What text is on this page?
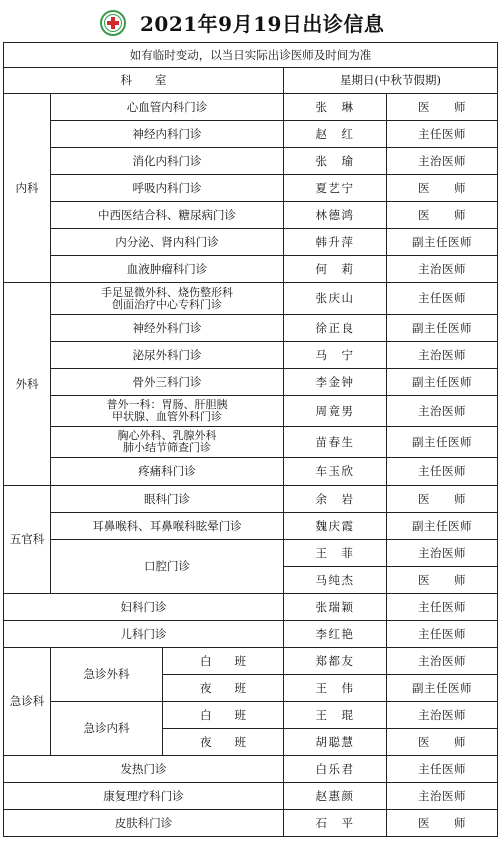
2021年9月19日出诊信息
如有临时变动，以当日实际出诊医师及时间为准				
科　　室			星期日(中秋节假期)	
内科	心血管内科门诊		张　琳	医　　师
	神经内科门诊		赵　红	主任医师
	消化内科门诊		张　瑜	主治医师
	呼吸内科门诊		夏艺宁	医　　师
	中西医结合科、糖尿病门诊		林德鸿	医　　师
	内分泌、肾内科门诊		韩升萍	副主任医师
	血液肿瘤科门诊		何　莉	主治医师
外科	手足显微外科、烧伤整形科
创面治疗中心专科门诊		张庆山	主任医师
	神经外科门诊		徐正良	副主任医师
	泌尿外科门诊		马　宁	主治医师
	骨外三科门诊		李金钟	副主任医师

	普外一科：胃肠、肝胆胰
甲状腺、血管外科门诊		周竟男	主治医师

	胸心外科、乳腺外科
肺小结节筛查门诊		苗春生	副主任医师
	疼痛科门诊		车玉欣	主任医师
五官科	眼科门诊		余　岩	医　　师
	耳鼻喉科、耳鼻喉科眩晕门诊		魏庆霞	副主任医师
	口腔门诊		王　菲	主治医师
			马纯杰	医　　师
妇科门诊			张瑞颖	主任医师
儿科门诊			李红艳	主任医师
急诊科	急诊外科	白　　班	郑都友	主治医师
		夜　　班	王　伟	副主任医师
	急诊内科	白　　班	王　琨	主治医师
		夜　　班	胡聪慧	医　　师
发热门诊			白乐君	主任医师
康复理疗科门诊			赵惠颜	主治医师
皮肤科门诊			石　平	医　　师
